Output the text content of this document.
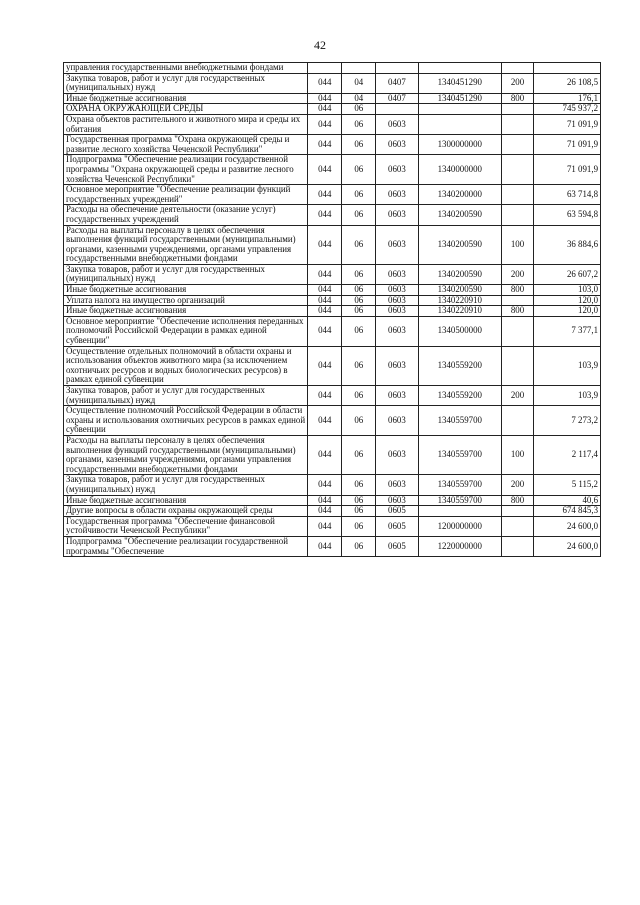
42
управления государственными внебюджетными фондами						
Закупка товаров, работ и услуг для государственных (муниципальных) нужд	044	04	0407	1340451290	200	26 108,5
Иные бюджетные ассигнования	044	04	0407	1340451290	800	176,1
ОХРАНА ОКРУЖАЮЩЕЙ СРЕДЫ	044	06				745 937,2
Охрана объектов растительного и животного мира и среды их обитания	044	06	0603			71 091,9
Государственная программа "Охрана окружающей среды и развитие лесного хозяйства Чеченской Республики"	044	06	0603	1300000000		71 091,9
Подпрограмма "Обеспечение реализации государственной программы "Охрана окружающей среды и развитие лесного хозяйства Чеченской Республики"	044	06	0603	1340000000		71 091,9
Основное мероприятие "Обеспечение реализации функций государственных учреждений"	044	06	0603	1340200000		63 714,8
Расходы на обеспечение деятельности (оказание услуг) государственных учреждений	044	06	0603	1340200590		63 594,8
Расходы на выплаты персоналу в целях обеспечения выполнения функций государственными (муниципальными) органами, казенными учреждениями, органами управления государственными внебюджетными фондами	044	06	0603	1340200590	100	36 884,6
Закупка товаров, работ и услуг для государственных (муниципальных) нужд	044	06	0603	1340200590	200	26 607,2
Иные бюджетные ассигнования	044	06	0603	1340200590	800	103,0
Уплата налога на имущество организаций	044	06	0603	1340220910		120,0
Иные бюджетные ассигнования	044	06	0603	1340220910	800	120,0
Основное мероприятие "Обеспечение исполнения переданных полномочий Российской Федерации в рамках единой субвенции"	044	06	0603	1340500000		7 377,1
Осуществление отдельных полномочий в области охраны и использования объектов животного мира (за исключением охотничьих ресурсов и водных биологических ресурсов) в рамках единой субвенции	044	06	0603	1340559200		103,9
Закупка товаров, работ и услуг для государственных (муниципальных) нужд	044	06	0603	1340559200	200	103,9
Осуществление полномочий Российской Федерации в области охраны и использования охотничьих ресурсов в рамках единой субвенции	044	06	0603	1340559700		7 273,2
Расходы на выплаты персоналу в целях обеспечения выполнения функций государственными (муниципальными) органами, казенными учреждениями, органами управления государственными внебюджетными фондами	044	06	0603	1340559700	100	2 117,4
Закупка товаров, работ и услуг для государственных (муниципальных) нужд	044	06	0603	1340559700	200	5 115,2
Иные бюджетные ассигнования	044	06	0603	1340559700	800	40,6
Другие вопросы в области охраны окружающей среды	044	06	0605			674 845,3
Государственная программа "Обеспечение финансовой устойчивости Чеченской Республики"	044	06	0605	1200000000		24 600,0
Подпрограмма "Обеспечение реализации государственной программы "Обеспечение	044	06	0605	1220000000		24 600,0
